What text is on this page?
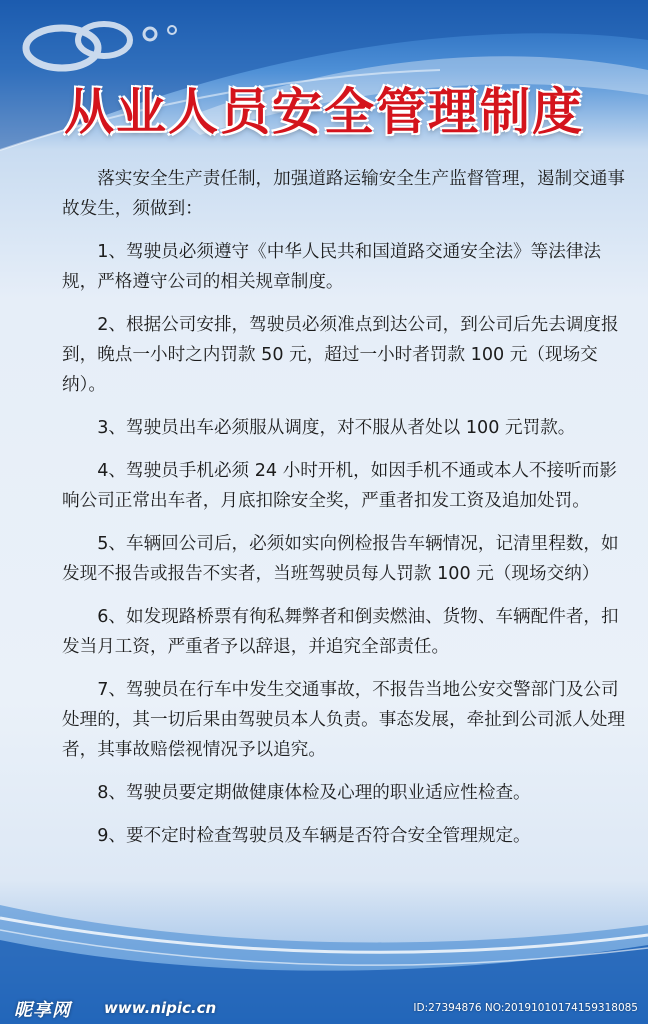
从业人员安全管理制度

落实安全生产责任制，加强道路运输安全生产监督管理，遏制交通事故发生，须做到：

1、驾驶员必须遵守《中华人民共和国道路交通安全法》等法律法规，严格遵守公司的相关规章制度。

2、根据公司安排，驾驶员必须准点到达公司，到公司后先去调度报到，晚点一小时之内罚款 50 元，超过一小时者罚款 100 元（现场交纳）。

3、驾驶员出车必须服从调度，对不服从者处以 100 元罚款。

4、驾驶员手机必须 24 小时开机，如因手机不通或本人不接听而影响公司正常出车者，月底扣除安全奖，严重者扣发工资及追加处罚。

5、车辆回公司后，必须如实向例检报告车辆情况，记清里程数，如发现不报告或报告不实者，当班驾驶员每人罚款 100 元（现场交纳）

6、如发现路桥票有徇私舞弊者和倒卖燃油、货物、车辆配件者，扣发当月工资，严重者予以辞退，并追究全部责任。

7、驾驶员在行车中发生交通事故，不报告当地公安交警部门及公司处理的，其一切后果由驾驶员本人负责。事态发展，牵扯到公司派人处理者，其事故赔偿视情况予以追究。

8、驾驶员要定期做健康体检及心理的职业适应性检查。

9、要不定时检查驾驶员及车辆是否符合安全管理规定。

昵享网 www.nipic.cn	ID:27394876 NO:20191010174159318085
